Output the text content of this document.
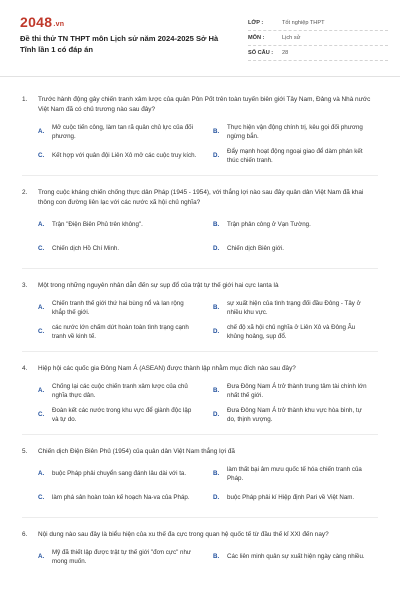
2048.vn
Đề thi thử TN THPT môn Lịch sử năm 2024-2025 Sở Hà Tĩnh lần 1 có đáp án
LỚP :	Tốt nghiệp THPT
MÔN :	Lịch sử
SỐ CÂU :	28
1.	Trước hành động gây chiến tranh xâm lược của quân Pôn Pốt trên toàn tuyến biên giới Tây Nam, Đảng và Nhà nước Việt Nam đã có chủ trương nào sau đây?
A.
Mở cuộc tiến công, làm tan rã quân chủ lực của đối phương.
B.
Thực hiện vận động chính trị, kêu gọi đối phương ngừng bắn.
C.	Kết hợp với quân đội Liên Xô mở các cuộc truy kích.	D.
Đẩy mạnh hoạt động ngoại giao để dàm phán kết thúc chiến tranh.
2.	Trong cuộc kháng chiến chống thực dân Pháp (1945 - 1954), với thắng lợi nào sau đây quân dân Việt Nam đã khai thông con đường liên lạc với các nước xã hội chủ nghĩa?
A.	Trận "Điện Biên Phủ trên không".	B.	Trận phản công ở Vạn Tường.
C.	Chiến dịch Hồ Chí Minh.	D.	Chiến dịch Biên giới.
3.	Một trong những nguyên nhân dẫn đến sự sụp đổ của trật tự thế giới hai cực Ianta là
A.
Chiến tranh thế giới thứ hai bùng nổ và lan rộng khắp thế giới.
B.
sự xuất hiện của tình trạng đối đầu Đông - Tây ở nhiều khu vực.
C.
các nước lớn chấm dứt hoàn toàn tình trạng cạnh tranh về kinh tế.
D.
chế độ xã hội chủ nghĩa ở Liên Xô và Đông Âu khủng hoảng, sụp đổ.
4.	Hiệp hội các quốc gia Đông Nam Á (ASEAN) được thành lập nhằm mục đích nào sau đây?
A.
Chống lại các cuộc chiến tranh xâm lược của chủ nghĩa thực dân.
B.
Đưa Đông Nam Á trở thành trung tâm tài chính lớn nhất thế giới.
C.
Đoàn kết các nước trong khu vực để giành độc lập và tự do.
D.
Đưa Đông Nam Á trở thành khu vực hòa bình, tự do, thịnh vượng.
5.	Chiến dịch Điện Biên Phủ (1954) của quân dân Việt Nam thắng lợi đã
A.	buộc Pháp phải chuyển sang đánh lâu dài với ta.	B.
làm thất bại âm mưu quốc tế hóa chiến tranh của Pháp.
C.	làm phá sản hoàn toàn kế hoạch Na-va của Pháp.	D.	buộc Pháp phải kí Hiệp định Pari về Việt Nam.
6.	Nội dung nào sau đây là biểu hiện của xu thế đa cực trong quan hệ quốc tế từ đầu thế kỉ XXI đến nay?
A.
Mỹ đã thiết lập được trật tự thế giới "đơn cực" như mong muốn.
B.	Các liên minh quân sự xuất hiện ngày càng nhiều.
